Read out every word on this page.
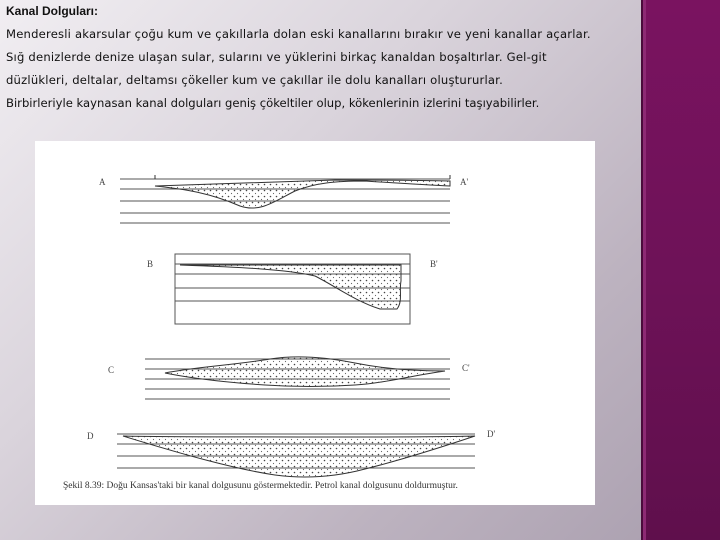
Kanal Dolguları:
Menderesli akarsular çoğu kum ve çakıllarla dolan eski kanallarını bırakır ve yeni kanallar açarlar.
Sığ denizlerde denize ulaşan sular, sularını ve yüklerini birkaç kanaldan boşaltırlar. Gel-git
düzlükleri, deltalar, deltamsı çökeller kum ve çakıllar ile dolu kanalları oluştururlar.
Birbirleriyle kaynasan kanal dolguları geniş çökeltiler olup, kökenlerinin izlerini taşıyabilirler.
A	A'
B	B'
C	C'
D	D'
Şekil 8.39: Doğu Kansas'taki bir kanal dolgusunu göstermektedir. Petrol kanal dolgusunu doldurmuştur.
